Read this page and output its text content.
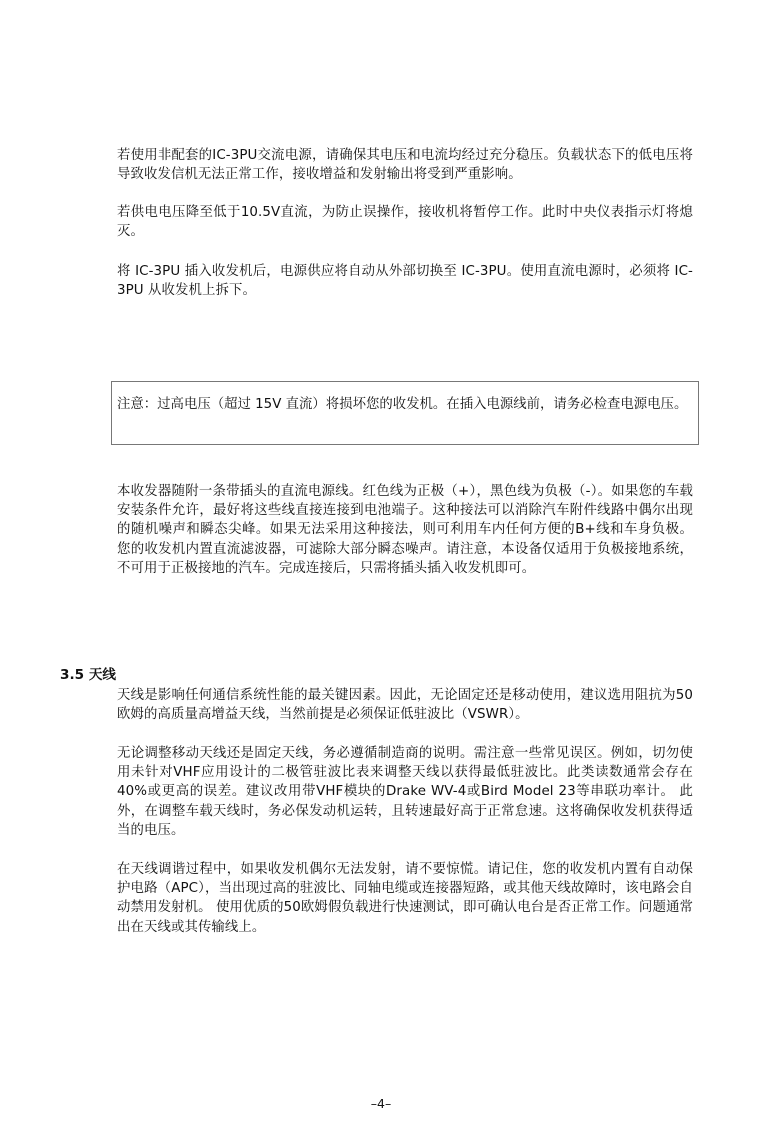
若使用非配套的IC-3PU交流电源，请确保其电压和电流均经过充分稳压。负载状态下的低电压将导致收发信机无法正常工作，接收增益和发射输出将受到严重影响。

若供电电压降至低于10.5V直流，为防止误操作，接收机将暂停工作。此时中央仪表指示灯将熄灭。

将 IC-3PU 插入收发机后，电源供应将自动从外部切换至 IC-3PU。使用直流电源时，必须将 IC-3PU 从收发机上拆下。

注意：过高电压（超过 15V 直流）将损坏您的收发机。在插入电源线前，请务必检查电源电压。

本收发器随附一条带插头的直流电源线。红色线为正极（+），黑色线为负极（-）。如果您的车载安装条件允许，最好将这些线直接连接到电池端子。这种接法可以消除汽车附件线路中偶尔出现的随机噪声和瞬态尖峰。如果无法采用这种接法，则可利用车内任何方便的B+线和车身负极。 您的收发机内置直流滤波器，可滤除大部分瞬态噪声。请注意，本设备仅适用于负极接地系统，不可用于正极接地的汽车。完成连接后，只需将插头插入收发机即可。

3.5 天线

天线是影响任何通信系统性能的最关键因素。因此，无论固定还是移动使用，建议选用阻抗为50欧姆的高质量高增益天线，当然前提是必须保证低驻波比（VSWR）。

无论调整移动天线还是固定天线，务必遵循制造商的说明。需注意一些常见误区。例如，切勿使用未针对VHF应用设计的二极管驻波比表来调整天线以获得最低驻波比。此类读数通常会存在40%或更高的误差。建议改用带VHF模块的Drake WV-4或Bird Model 23等串联功率计。 此外，在调整车载天线时，务必保发动机运转，且转速最好高于正常怠速。这将确保收发机获得适当的电压。

在天线调谐过程中，如果收发机偶尔无法发射，请不要惊慌。请记住，您的收发机内置有自动保护电路（APC），当出现过高的驻波比、同轴电缆或连接器短路，或其他天线故障时，该电路会自动禁用发射机。 使用优质的50欧姆假负载进行快速测试，即可确认电台是否正常工作。问题通常出在天线或其传输线上。

–4–
